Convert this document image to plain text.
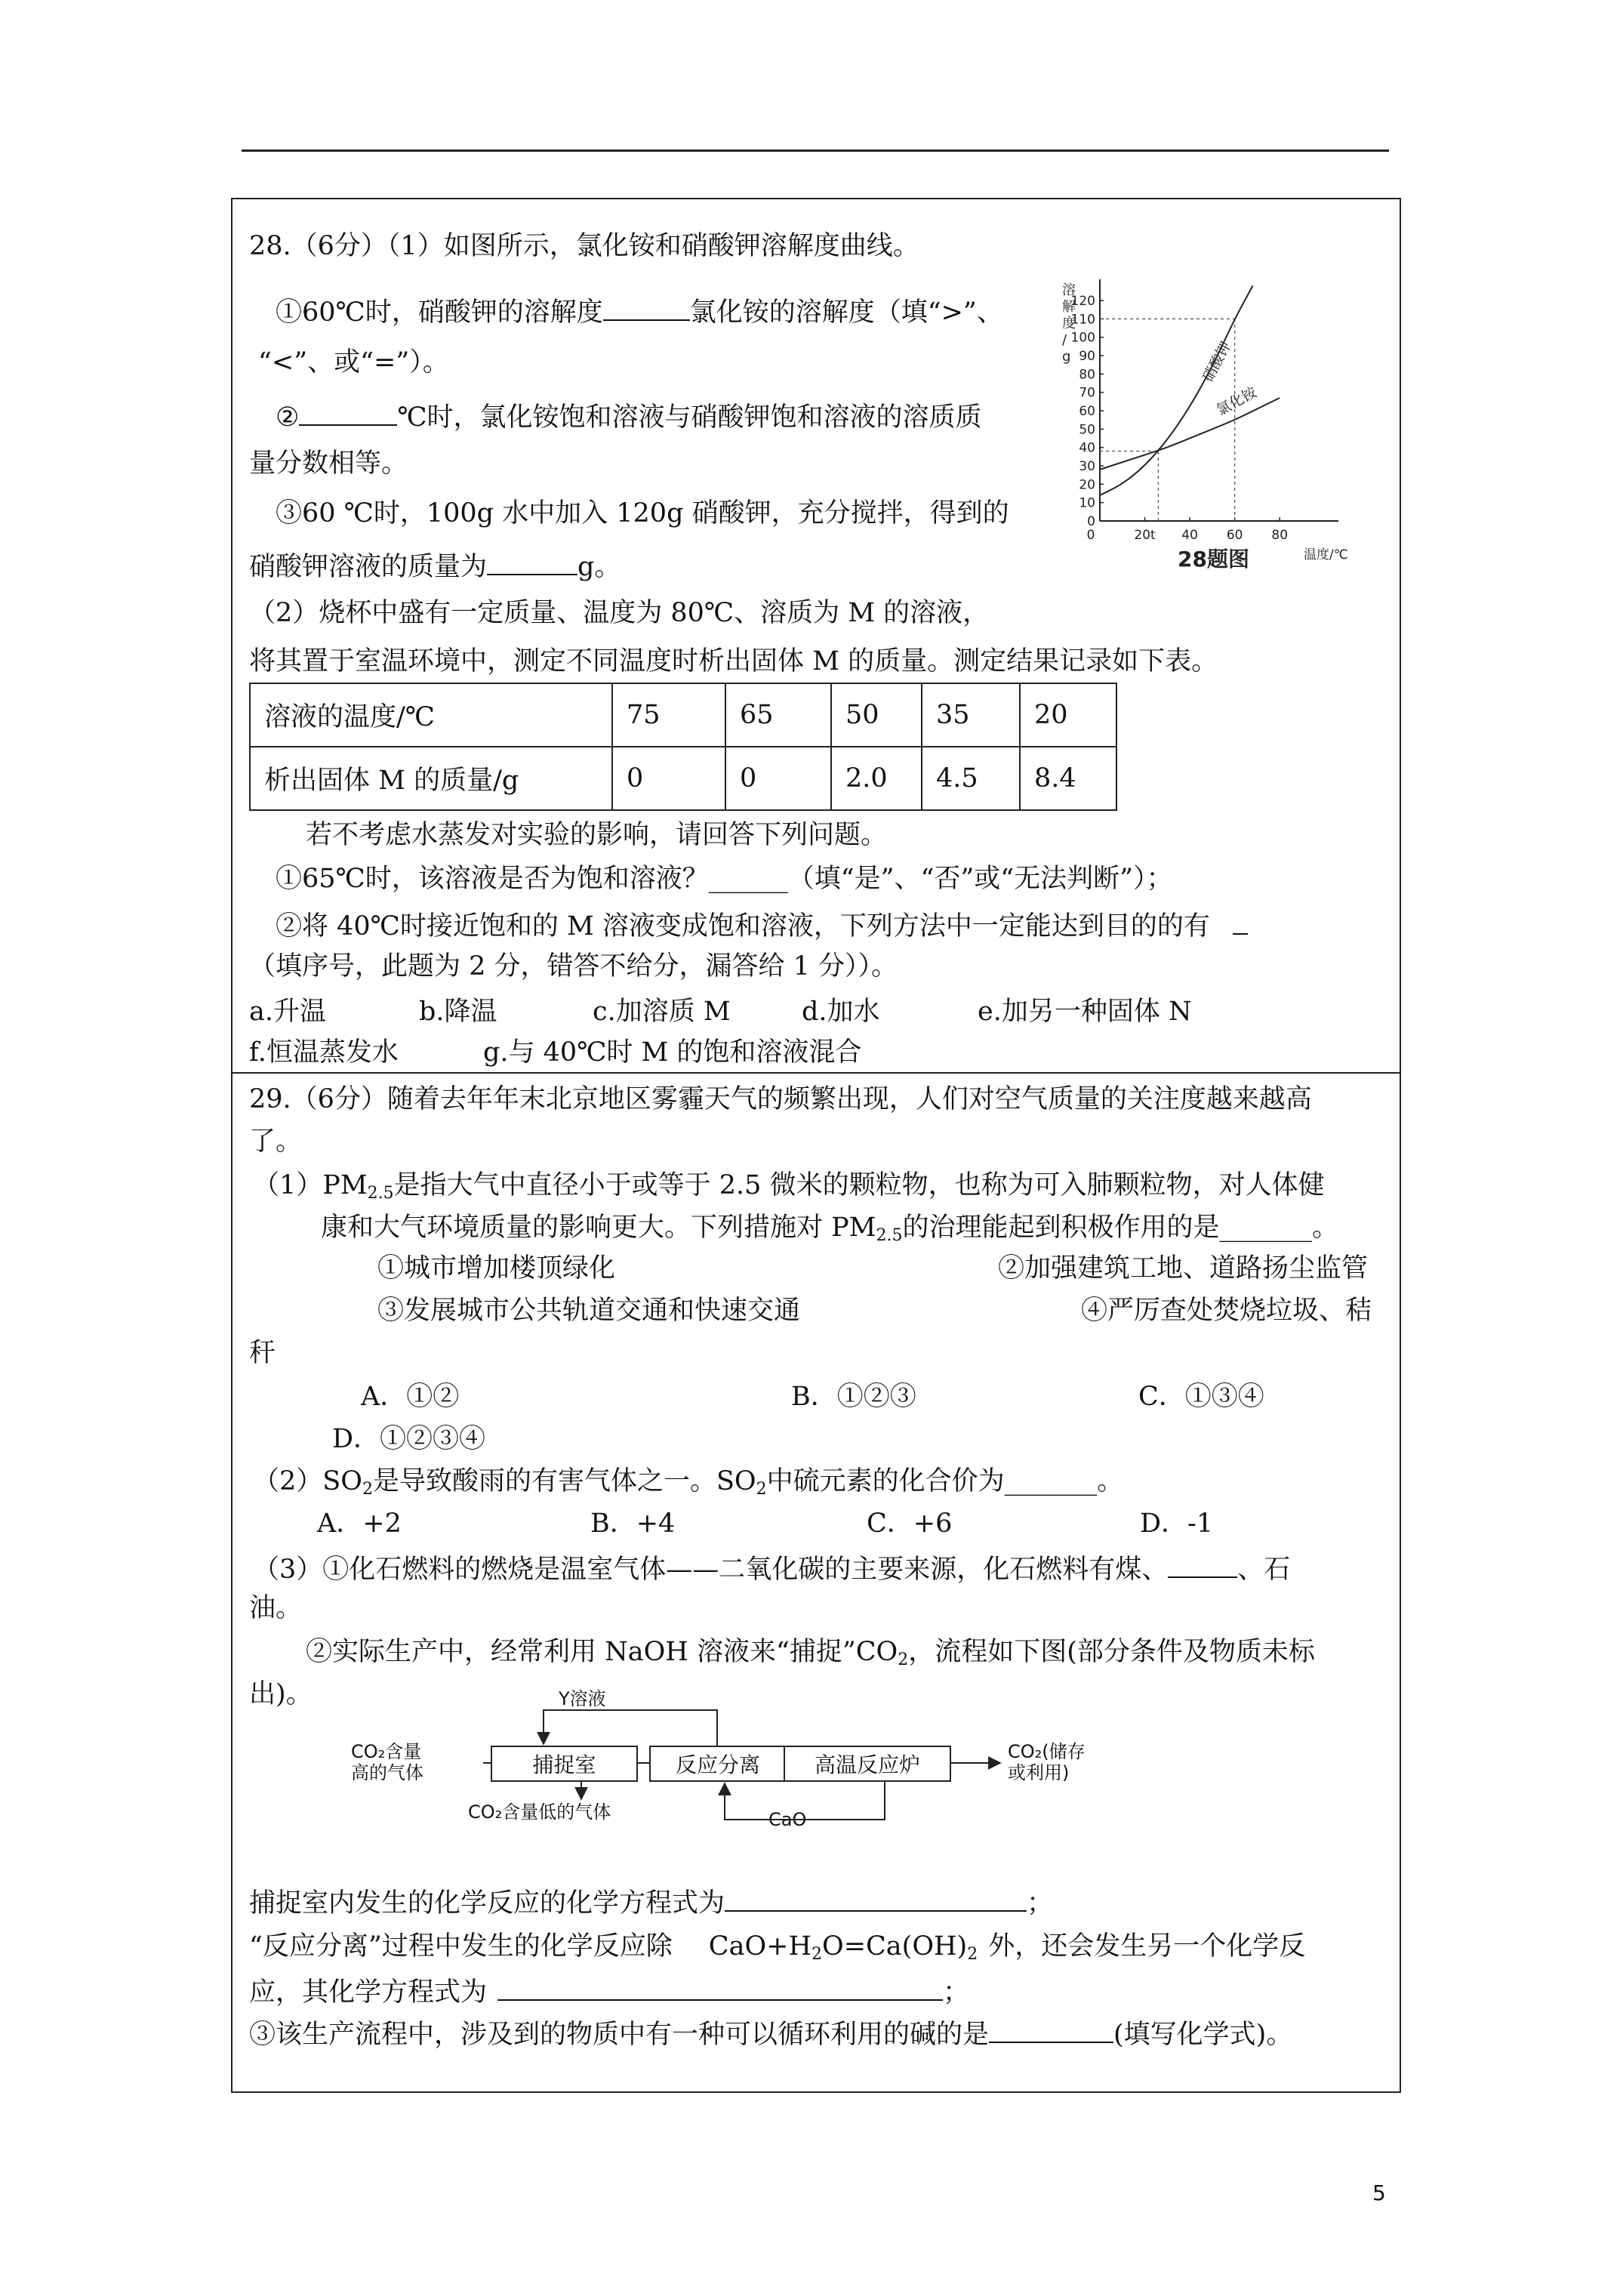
28.（6分）（1）如图所示，氯化铵和硝酸钾溶解度曲线。
①60℃时，硝酸钾的溶解度	氯化铵的溶解度（填“>”、
“<”、或“=”）。
②	℃时，氯化铵饱和溶液与硝酸钾饱和溶液的溶质质
量分数相等。
③60 ℃时，100g 水中加入 120g 硝酸钾，充分搅拌，得到的
硝酸钾溶液的质量为	g。
0
10
20
30
40
50
60
70
80
90
100
110
120
0	20t 40 60 80
硝酸钾
氯化铵
溶
解
度
/
g
温度/℃
28题图
（2）烧杯中盛有一定质量、温度为 80℃、溶质为 M 的溶液，
将其置于室温环境中，测定不同温度时析出固体 M 的质量。测定结果记录如下表。
溶液的温度/℃	75	65	50	35	20
析出固体 M 的质量/g	0	0	2.0	4.5	8.4
若不考虑水蒸发对实验的影响，请回答下列问题。
①65℃时，该溶液是否为饱和溶液？______（填“是”、“否”或“无法判断”）；
②将 40℃时接近饱和的 M 溶液变成饱和溶液，下列方法中一定能达到目的的有
（填序号，此题为 2 分，错答不给分，漏答给 1 分））。
a.升温	b.降温	c.加溶质 M	d.加水	e.加另一种固体 N
f.恒温蒸发水	g.与 40℃时 M 的饱和溶液混合
29.（6分）随着去年年末北京地区雾霾天气的频繁出现，人们对空气质量的关注度越来越高
了。
$(1)PM_{2.5}$是指大气中直径小于或等于 2.5 微米的颗粒物，也称为可入肺颗粒物，对人体健
康和大气环境质量的影响更大。下列措施对 $PM_{2.5}$的治理能起到积极作用的是_______。
①城市增加楼顶绿化	②加强建筑工地、道路扬尘监管
③发展城市公共轨道交通和快速交通	④严厉查处焚烧垃圾、秸
秆
A．①②	B．①②③	C．①③④
D．①②③④
$(2)SO_2$是导致酸雨的有害气体之一。$SO_2$中硫元素的化合价为_______。
A．+2	B．+4	C．+6	D．-1
（3）①化石燃料的燃烧是温室气体——二氧化碳的主要来源，化石燃料有煤、	、石
油。
②实际生产中，经常利用 NaOH 溶液来“捕捉$”CO_2$，流程如下图(部分条件及物质未标
出)。
CO₂含量
高的气体	捕捉室	反应分离	高温反应炉
CO₂(储存
或利用)
Y溶液
CO₂含量低的气体	CaO
捕捉室内发生的化学反应的化学方程式为	；
“反应分离”过程中发生的化学反应除 $CaO+H_2O=Ca(OH)_2$ 外，还会发生另一个化学反
应，其化学方程式为	；
③该生产流程中，涉及到的物质中有一种可以循环利用的碱的是	(填写化学式)。
5
